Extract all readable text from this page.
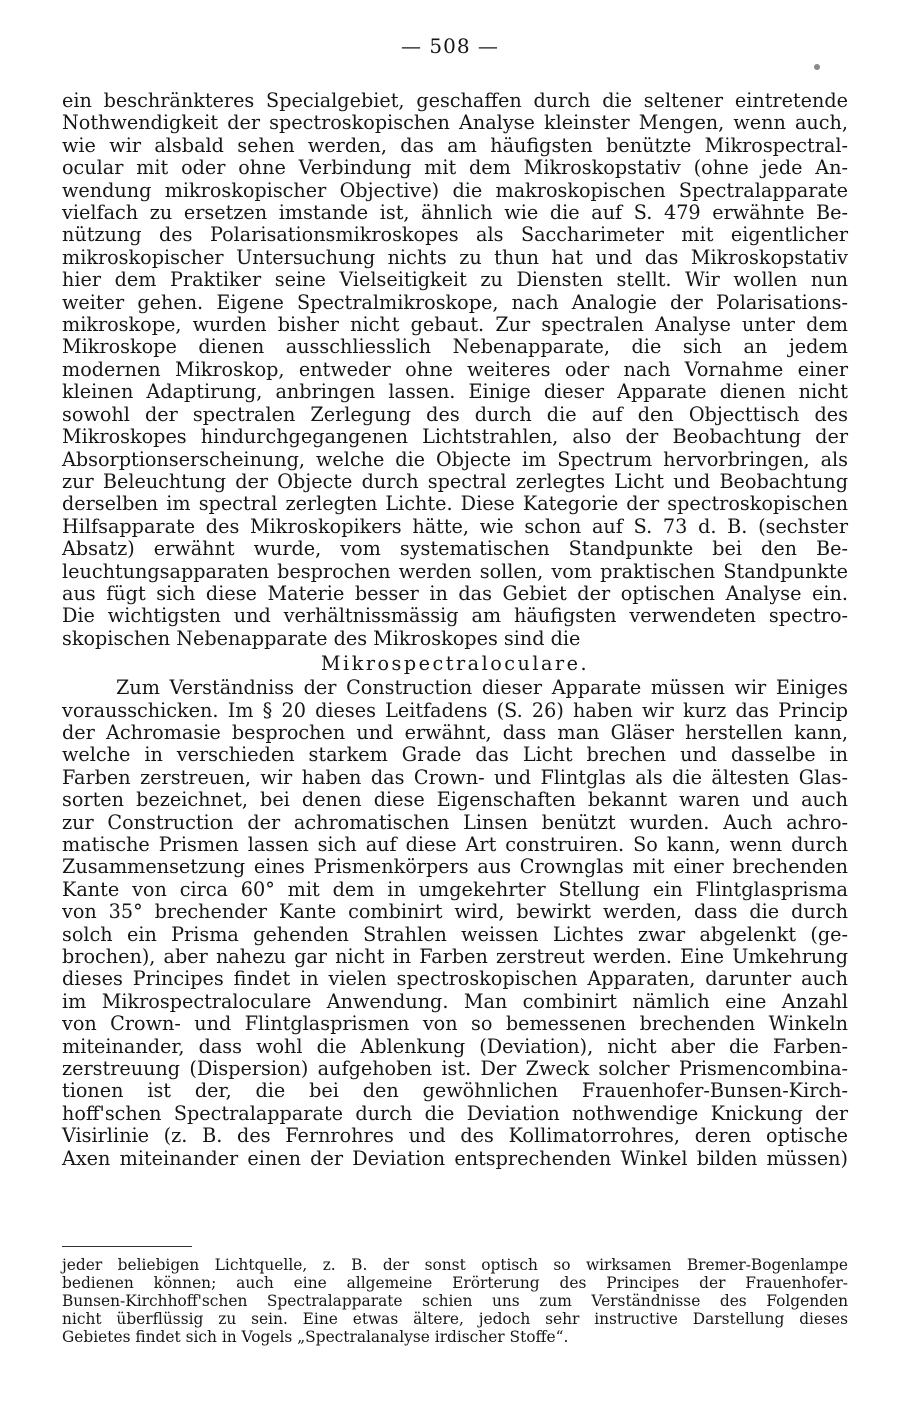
— 508 —
ein beschränkteres Specialgebiet, geschaffen durch die seltener eintretende
Nothwendigkeit der spectroskopischen Analyse kleinster Mengen, wenn auch,
wie wir alsbald sehen werden, das am häufigsten benützte Mikrospectral-
ocular mit oder ohne Verbindung mit dem Mikroskopstativ (ohne jede An-
wendung mikroskopischer Objective) die makroskopischen Spectralapparate
vielfach zu ersetzen imstande ist, ähnlich wie die auf S. 479 erwähnte Be-
nützung des Polarisationsmikroskopes als Saccharimeter mit eigentlicher
mikroskopischer Untersuchung nichts zu thun hat und das Mikroskopstativ
hier dem Praktiker seine Vielseitigkeit zu Diensten stellt. Wir wollen nun
weiter gehen. Eigene Spectralmikroskope, nach Analogie der Polarisations-
mikroskope, wurden bisher nicht gebaut. Zur spectralen Analyse unter dem
Mikroskope dienen ausschliesslich Nebenapparate, die sich an jedem
modernen Mikroskop, entweder ohne weiteres oder nach Vornahme einer
kleinen Adaptirung, anbringen lassen. Einige dieser Apparate dienen nicht
sowohl der spectralen Zerlegung des durch die auf den Objecttisch des
Mikroskopes hindurchgegangenen Lichtstrahlen, also der Beobachtung der
Absorptionserscheinung, welche die Objecte im Spectrum hervorbringen, als
zur Beleuchtung der Objecte durch spectral zerlegtes Licht und Beobachtung
derselben im spectral zerlegten Lichte. Diese Kategorie der spectroskopischen
Hilfsapparate des Mikroskopikers hätte, wie schon auf S. 73 d. B. (sechster
Absatz) erwähnt wurde, vom systematischen Standpunkte bei den Be-
leuchtungsapparaten besprochen werden sollen, vom praktischen Standpunkte
aus fügt sich diese Materie besser in das Gebiet der optischen Analyse ein.
Die wichtigsten und verhältnissmässig am häufigsten verwendeten spectro-
skopischen Nebenapparate des Mikroskopes sind die
Mikrospectraloculare.
Zum Verständniss der Construction dieser Apparate müssen wir Einiges
vorausschicken. Im § 20 dieses Leitfadens (S. 26) haben wir kurz das Princip
der Achromasie besprochen und erwähnt, dass man Gläser herstellen kann,
welche in verschieden starkem Grade das Licht brechen und dasselbe in
Farben zerstreuen, wir haben das Crown- und Flintglas als die ältesten Glas-
sorten bezeichnet, bei denen diese Eigenschaften bekannt waren und auch
zur Construction der achromatischen Linsen benützt wurden. Auch achro-
matische Prismen lassen sich auf diese Art construiren. So kann, wenn durch
Zusammensetzung eines Prismenkörpers aus Crownglas mit einer brechenden
Kante von circa 60° mit dem in umgekehrter Stellung ein Flintglasprisma
von 35° brechender Kante combinirt wird, bewirkt werden, dass die durch
solch ein Prisma gehenden Strahlen weissen Lichtes zwar abgelenkt (ge-
brochen), aber nahezu gar nicht in Farben zerstreut werden. Eine Umkehrung
dieses Principes findet in vielen spectroskopischen Apparaten, darunter auch
im Mikrospectraloculare Anwendung. Man combinirt nämlich eine Anzahl
von Crown- und Flintglasprismen von so bemessenen brechenden Winkeln
miteinander, dass wohl die Ablenkung (Deviation), nicht aber die Farben-
zerstreuung (Dispersion) aufgehoben ist. Der Zweck solcher Prismencombina-
tionen ist der, die bei den gewöhnlichen Frauenhofer-Bunsen-Kirch-
hoff'schen Spectralapparate durch die Deviation nothwendige Knickung der
Visirlinie (z. B. des Fernrohres und des Kollimatorrohres, deren optische
Axen miteinander einen der Deviation entsprechenden Winkel bilden müssen)
jeder beliebigen Lichtquelle, z. B. der sonst optisch so wirksamen Bremer-Bogenlampe
bedienen können; auch eine allgemeine Erörterung des Principes der Frauenhofer-
Bunsen-Kirchhoff'schen Spectralapparate schien uns zum Verständnisse des Folgenden
nicht überflüssig zu sein. Eine etwas ältere, jedoch sehr instructive Darstellung dieses
Gebietes findet sich in Vogels „Spectralanalyse irdischer Stoffe“.
